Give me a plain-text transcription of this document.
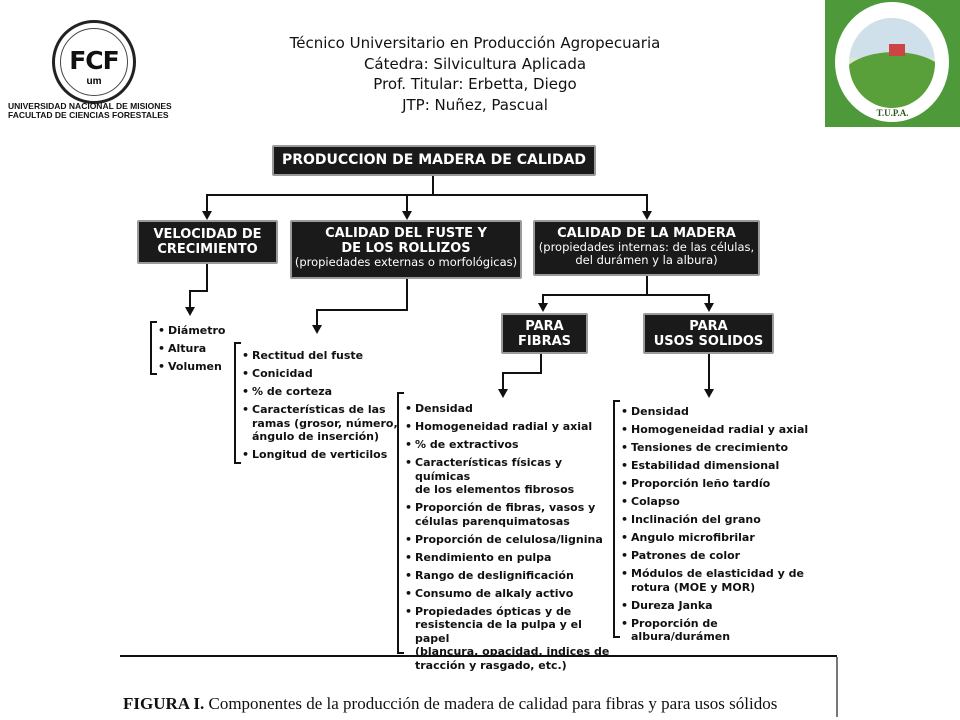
FCF
um
UNIVERSIDAD NACIONAL DE MISIONES
FACULTAD DE CIENCIAS FORESTALES
Técnico Universitario en Producción Agropecuaria
Cátedra: Silvicultura Aplicada
Prof. Titular: Erbetta, Diego
JTP: Nuñez, Pascual	T.U.P.A.
PRODUCCION DE MADERA DE CALIDAD
VELOCIDAD DE
CRECIMIENTO
CALIDAD DEL FUSTE Y
DE LOS ROLLIZOS
(propiedades externas o morfológicas)
CALIDAD DE LA MADERA
(propiedades internas: de las células,
del durámen y la albura)
PARA
FIBRAS
PARA
USOS SOLIDOS
• Diámetro
• Altura
• Volumen
• Rectitud del fuste
• Conicidad
• % de corteza
• Características de las
ramas (grosor, número,
ángulo de inserción)
• Longitud de verticilos
• Densidad
• Homogeneidad radial y axial
• % de extractivos
• Características físicas y químicas
de los elementos fibrosos
• Proporción de fibras, vasos y
células parenquimatosas
• Proporción de celulosa/lignina
• Rendimiento en pulpa
• Rango de deslignificación
• Consumo de alkaly activo
• Propiedades ópticas y de
resistencia de la pulpa y el papel
(blancura, opacidad, indices de
tracción y rasgado, etc.)
• Densidad
• Homogeneidad radial y axial
• Tensiones de crecimiento
• Estabilidad dimensional
• Proporción leño tardío
• Colapso
• Inclinación del grano
• Angulo microfibrilar
• Patrones de color
• Módulos de elasticidad y de
rotura (MOE y MOR)
• Dureza Janka
• Proporción de albura/durámen
FIGURA I. Componentes de la producción de madera de calidad para fibras y para usos sólidos
